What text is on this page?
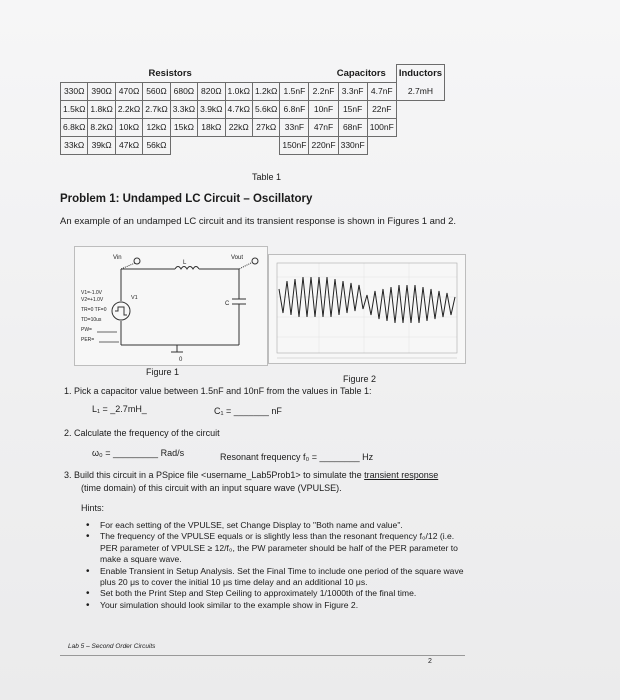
Resistors								Capacitors				Inductors
330Ω	390Ω	470Ω	560Ω	680Ω	820Ω	1.0kΩ	1.2kΩ	1.5nF	2.2nF	3.3nF	4.7nF	2.7mH
1.5kΩ	1.8kΩ	2.2kΩ	2.7kΩ	3.3kΩ	3.9kΩ	4.7kΩ	5.6kΩ	6.8nF	10nF	15nF	22nF	
6.8kΩ	8.2kΩ	10kΩ	12kΩ	15kΩ	18kΩ	22kΩ	27kΩ	33nF	47nF	68nF	100nF	
33kΩ	39kΩ	47kΩ	56kΩ					150nF	220nF	330nF		
Table 1
Problem 1: Undamped LC Circuit – Oscillatory
An example of an undamped LC circuit and its transient response is shown in Figures 1 and 2.
Vin	Vout
L
C
V1
0
V1=-1.0V
V2=+1.0V
TR=0 TF=0
TD=10us
PW=
PER=
Figure 1
Figure 2
1. Pick a capacitor value between 1.5nF and 10nF from the values in Table 1:
L₁ = _2.7mH_	C₁ = _______ nF
2. Calculate the frequency of the circuit
ω₀ = _________ Rad/s	Resonant frequency f₀ = ________ Hz
3. Build this circuit in a PSpice file <username_Lab5Prob1> to simulate the transient response
(time domain) of this circuit with an input square wave (VPULSE).
Hints:
• For each setting of the VPULSE, set Change Display to "Both name and value".
• The frequency of the VPULSE equals or is slightly less than the resonant frequency f₀/12 (i.e. PER parameter of VPULSE ≥ 12/f₀, the PW parameter should be half of the PER parameter to make a square wave.
• Enable Transient in Setup Analysis. Set the Final Time to include one period of the square wave plus 20 μs to cover the initial 10 μs time delay and an additional 10 μs.
• Set both the Print Step and Step Ceiling to approximately 1/1000th of the final time.
• Your simulation should look similar to the example show in Figure 2.
Lab 5 – Second Order Circuits
2
